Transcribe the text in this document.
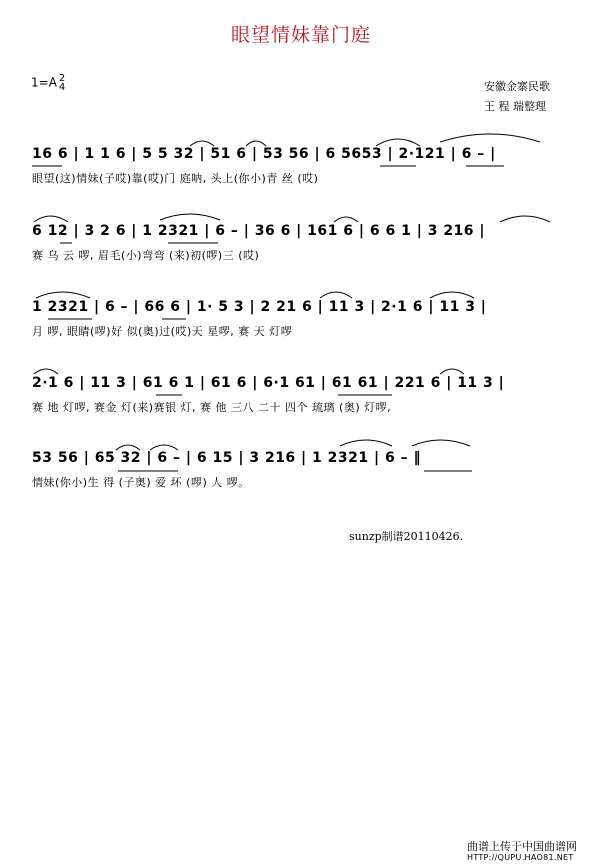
眼望情妹靠门庭
1=A 2
4	安徽金寨民歌
王 程 瑞整理
16 6 | 1 1 6 | 5 5 32 | 51 6 | 53 56 | 6 5653 | 2·121 | 6 – |
眼望(这)情妹(子哎)靠(哎)门 庭呐, 头上(你小)青 丝 (哎)
6 12 | 3 2 6 | 1 2321 | 6 – | 36 6 | 161 6 | 6 6 1 | 3 216 |
赛 乌 云 啰, 眉毛(小)弯弯 (来)初(啰)三 (哎)
1 2321 | 6 – | 66 6 | 1· 5 3 | 2 21 6 | 11 3 | 2·1 6 | 11 3 |
月 啰, 眼睛(啰)好 似(奥)过(哎)天 星啰, 赛 天 灯啰
2·1 6 | 11 3 | 61 6 1 | 61 6 | 6·1 61 | 61 61 | 221 6 | 11 3 |
赛 地 灯啰, 赛金 灯(来)赛银 灯, 赛 他 三八 二十 四个 琉璃 (奥) 灯啰,
53 56 | 65 32 | 6 – | 6 15 | 3 216 | 1 2321 | 6 – ‖
情妹(你小)生 得 (子奥) 爱 坏 (啰) 人 啰。
sunzp制谱20110426.
曲谱上传于中国曲谱网
HTTP://QUPU.HAO81.NET
